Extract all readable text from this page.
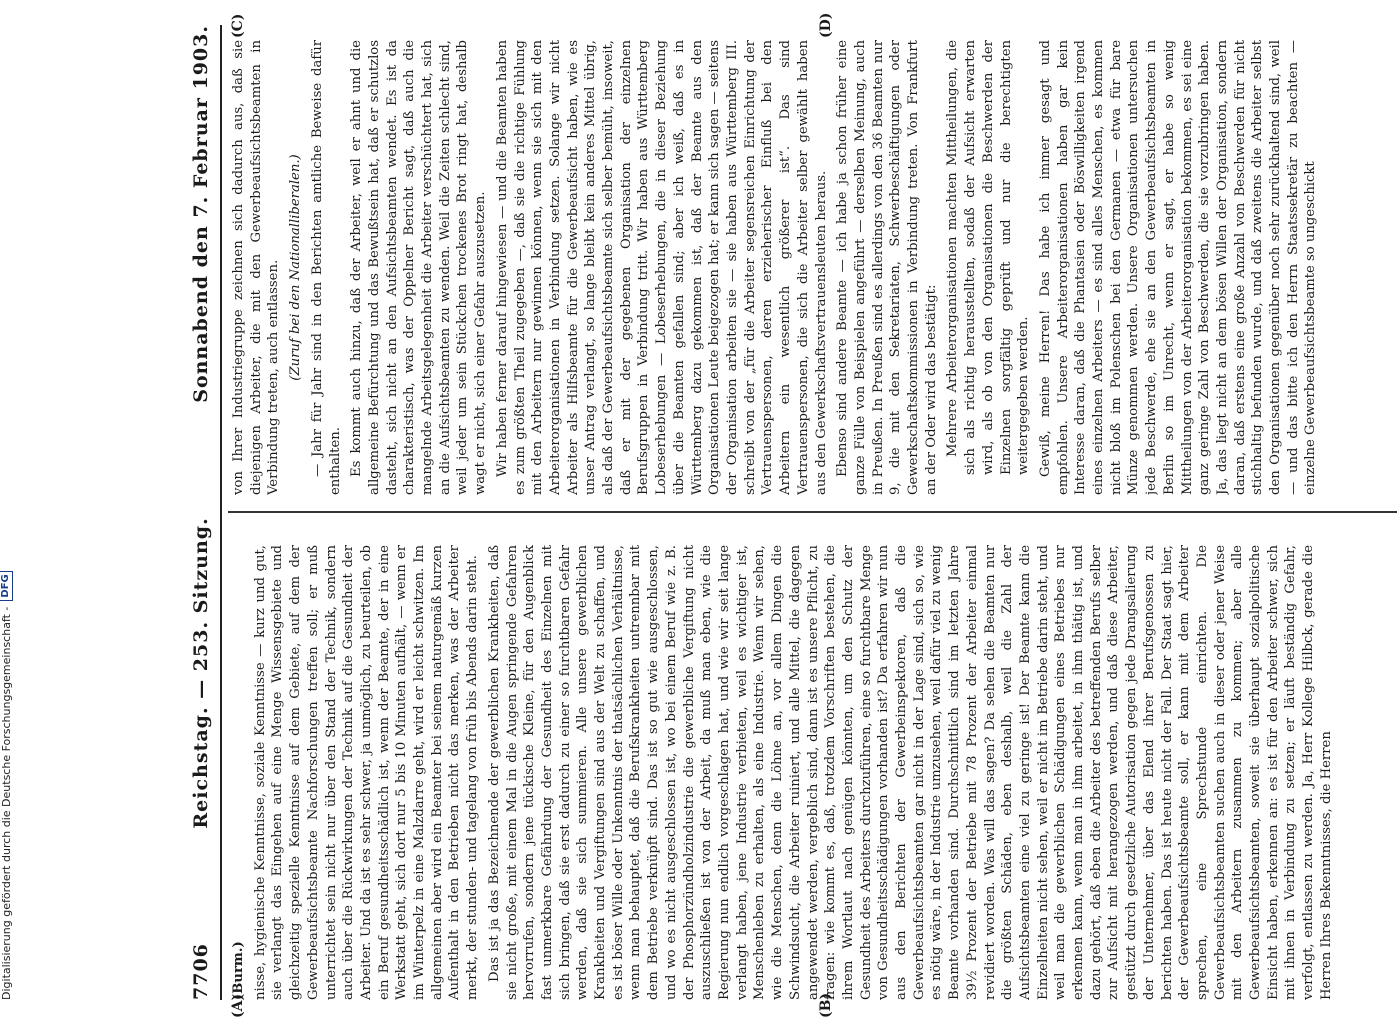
7706
Reichstag. — 253. Sitzung.
Sonnabend den 7. Februar 1903.
(A)	(B)
(C)	(D)

(Burm.) nisse, hygienische Kenntnisse, soziale Kenntnisse — kurz und gut, sie verlangt das Eingehen auf eine Menge Wissensgebiete und gleichzeitig spezielle Kenntnisse auf dem Gebiete, auf dem der Gewerbeaufsichtsbeamte Nachforschungen treffen soll; er muß unterrichtet sein nicht nur über den Stand der Technik, sondern auch über die Rückwirkungen der Technik auf die Gesundheit der Arbeiter. Und da ist es sehr schwer, ja unmöglich, zu beurteilen, ob ein Beruf gesundheitsschädlich ist, wenn der Beamte, der in eine Werkstatt geht, sich dort nur 5 bis 10 Minuten aufhält, — wenn er im Winterpelz in eine Malzdarre geht, wird er leicht schwitzen. Im allgemeinen aber wird ein Beamter bei seinem naturgemäß kurzen Aufenthalt in den Betrieben nicht das merken, was der Arbeiter merkt, der stunden- und tagelang von früh bis Abends darin steht. Das ist ja das Bezeichnende der gewerblichen Krankheiten, daß sie nicht große, mit einem Mal in die Augen springende Gefahren hervorrufen, sondern jene tückische Kleine, für den Augenblick fast unmerkbare Gefährdung der Gesundheit des Einzelnen mit sich bringen, daß sie erst dadurch zu einer so furchtbaren Gefahr werden, daß sie sich summieren. Alle unsere gewerblichen Krankheiten und Vergiftungen sind aus der Welt zu schaffen, und es ist böser Wille oder Unkenntnis der thatsächlichen Verhältnisse, wenn man behauptet, daß die Berufskrankheiten untrennbar mit dem Betriebe verknüpft sind. Das ist so gut wie ausgeschlossen, und wo es nicht ausgeschlossen ist, wo bei einem Beruf wie z. B. der Phosphorzündholzindustrie die gewerbliche Vergiftung nicht auszuschließen ist von der Arbeit, da muß man eben, wie die Regierung nun endlich vorgeschlagen hat, und wie wir seit lange verlangt haben, jene Industrie verbieten, weil es wichtiger ist, Menschenleben zu erhalten, als eine Industrie. Wenn wir sehen, wie die Menschen, denn die Löhne an, vor allem Dingen die Schwindsucht, die Arbeiter ruiniert, und alle Mittel, die dagegen angewendet werden, vergeblich sind, dann ist es unsere Pflicht, zu fragen: wie kommt es, daß, trotzdem Vorschriften bestehen, die ihrem Wortlaut nach genügen könnten, um den Schutz der Gesundheit des Arbeiters durchzuführen, eine so furchtbare Menge von Gesundheitsschädigungen vorhanden ist? Da erfahren wir nun aus den Berichten der Gewerbeinspektoren, daß die Gewerbeaufsichtsbeamten gar nicht in der Lage sind, sich so, wie es nötig wäre, in der Industrie umzusehen, weil dafür viel zu wenig Beamte vorhanden sind. Durchschnittlich sind im letzten Jahre 39½ Prozent der Betriebe mit 78 Prozent der Arbeiter einmal revidiert worden. Was will das sagen? Da sehen die Beamten nur die größten Schäden, eben deshalb, weil die Zahl der Aufsichtsbeamten eine viel zu geringe ist! Der Beamte kann die Einzelheiten nicht sehen, weil er nicht im Betriebe darin steht, und weil man die gewerblichen Schädigungen eines Betriebes nur erkennen kann, wenn man in ihm arbeitet, in ihm thätig ist, und dazu gehört, daß eben die Arbeiter des betreffenden Berufs selber zur Aufsicht mit herangezogen werden, und daß diese Arbeiter, gestützt durch gesetzliche Autorisation gegen jede Drangsalierung der Unternehmer, über das Elend ihrer Berufsgenossen zu berichten haben. Das ist heute nicht der Fall. Der Staat sagt hier, der Gewerbeaufsichtsbeamte soll, er kann mit dem Arbeiter sprechen, eine Sprechstunde einrichten. Die Gewerbeaufsichtsbeamten suchen auch in dieser oder jener Weise mit den Arbeitern zusammen zu kommen; aber alle Gewerbeaufsichtsbeamten, soweit sie überhaupt sozialpolitische Einsicht haben, erkennen an: es ist für den Arbeiter schwer, sich mit ihnen in Verbindung zu setzen; er läuft beständig Gefahr, verfolgt, entlassen zu werden. Ja, Herr Kollege Hilbck, gerade die Herren Ihres Bekenntnisses, die Herren

von Ihrer Industriegruppe zeichnen sich dadurch aus, daß sie diejenigen Arbeiter, die mit den Gewerbeaufsichtsbeamten in Verbindung treten, auch entlassen. (Zuruf bei den Nationalliberalen.) — Jahr für Jahr sind in den Berichten amtliche Beweise dafür enthalten. Es kommt auch hinzu, daß der Arbeiter, weil er ahnt und die allgemeine Befürchtung und das Bewußtsein hat, daß er schutzlos dasteht, sich nicht an den Aufsichtsbeamten wendet. Es ist da charakteristisch, was der Oppelner Bericht sagt, daß auch die mangelnde Arbeitsgelegenheit die Arbeiter verschüchtert hat, sich an die Aufsichtsbeamten zu wenden. Weil die Zeiten schlecht sind, weil jeder um sein Stückchen trockenes Brot ringt hat, deshalb wagt er nicht, sich einer Gefahr auszusetzen. Wir haben ferner darauf hingewiesen — und die Beamten haben es zum größten Theil zugegeben —, daß sie die richtige Fühlung mit den Arbeitern nur gewinnen können, wenn sie sich mit den Arbeiterorganisationen in Verbindung setzen. Solange wir nicht Arbeiter als Hilfsbeamte für die Gewerbeaufsicht haben, wie es unser Antrag verlangt, so lange bleibt kein anderes Mittel übrig, als daß der Gewerbeaufsichtsbeamte sich selber bemüht, insoweit, daß er mit der gegebenen Organisation der einzelnen Berufsgruppen in Verbindung tritt. Wir haben aus Württemberg Lobeserhebungen — Lobeserhebungen, die in dieser Beziehung über die Beamten gefallen sind; aber ich weiß, daß es in Württemberg dazu gekommen ist, daß der Beamte aus den Organisationen Leute beigezogen hat; er kann sich sagen — seitens der Organisation arbeiten sie — sie haben aus Württemberg III. schreibt von der „für die Arbeiter segensreichen Einrichtung der Vertrauenspersonen, deren erzieherischer Einfluß bei den Arbeitern ein wesentlich größerer ist“. Das sind Vertrauenspersonen, die sich die Arbeiter selber gewählt haben aus den Gewerkschaftsvertrauensleuten heraus. Ebenso sind andere Beamte — ich habe ja schon früher eine ganze Fülle von Beispielen angeführt — derselben Meinung, auch in Preußen. In Preußen sind es allerdings von den 36 Beamten nur 9, die mit den Sekretariaten, Schwerbeschäftigungen oder Gewerkschaftskommissionen in Verbindung treten. Von Frankfurt an der Oder wird das bestätigt: Mehrere Arbeiterorganisationen machten Mittheilungen, die sich als richtig herausstellten, sodaß der Aufsicht erwarten wird, als ob von den Organisationen die Beschwerden der Einzelnen sorgfältig geprüft und nur die berechtigten weitergegeben werden. Gewiß, meine Herren! Das habe ich immer gesagt und empfohlen. Unsere Arbeiterorganisationen haben gar kein Interesse daran, daß die Phantasien oder Böswilligkeiten irgend eines einzelnen Arbeiters — es sind alles Menschen, es kommen nicht bloß im Polenschen bei den Germanen — etwa für bare Münze genommen werden. Unsere Organisationen untersuchen jede Beschwerde, ehe sie an den Gewerbeaufsichtsbeamten in Berlin so im Unrecht, wenn er sagt, er habe so wenig Mittheilungen von der Arbeiterorganisation bekommen, es sei eine ganz geringe Zahl von Beschwerden, die sie vorzubringen haben. Ja, das liegt nicht an dem bösen Willen der Organisation, sondern daran, daß erstens eine große Anzahl von Beschwerden für nicht stichhaltig befunden wurde, und daß zweitens die Arbeiter selbst den Organisationen gegenüber noch sehr zurückhaltend sind, weil — und das bitte ich den Herrn Staatssekretär zu beachten — einzelne Gewerbeaufsichtsbeamte so ungeschickt

Digitalisierung gefördert durch die Deutsche Forschungsgemeinschaft -
DFG
